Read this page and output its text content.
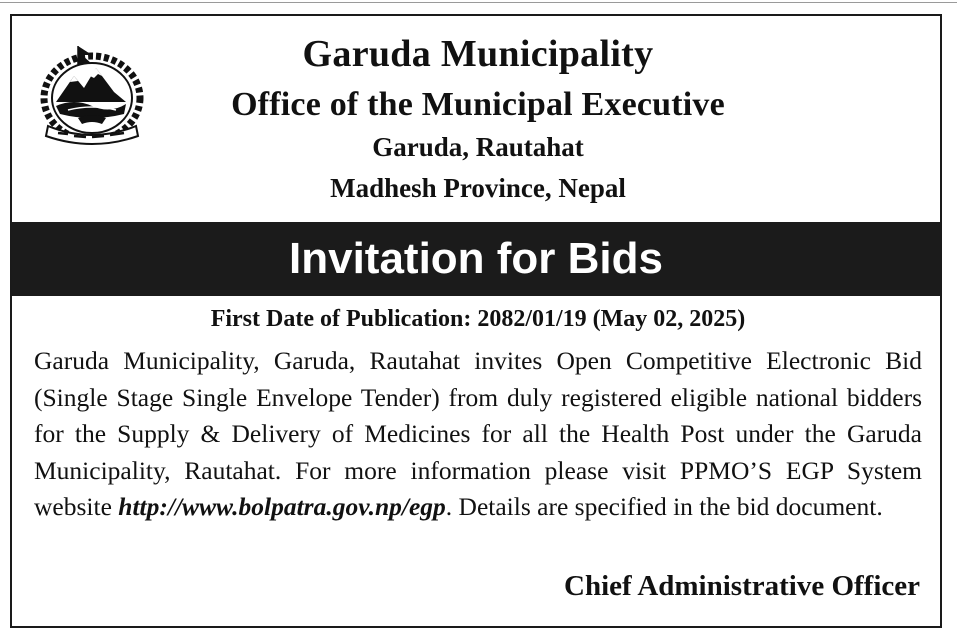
Garuda Municipality
Office of the Municipal Executive
Garuda, Rautahat
Madhesh Province, Nepal
Invitation for Bids
First Date of Publication: 2082/01/19 (May 02, 2025)
Garuda Municipality, Garuda, Rautahat invites Open Competitive Electronic Bid (Single Stage Single Envelope Tender) from duly registered eligible national bidders for the Supply & Delivery of Medicines for all the Health Post under the Garuda Municipality, Rautahat. For more information please visit PPMO’S EGP System website http://www.bolpatra.gov.np/egp. Details are specified in the bid document.
Chief Administrative Officer
